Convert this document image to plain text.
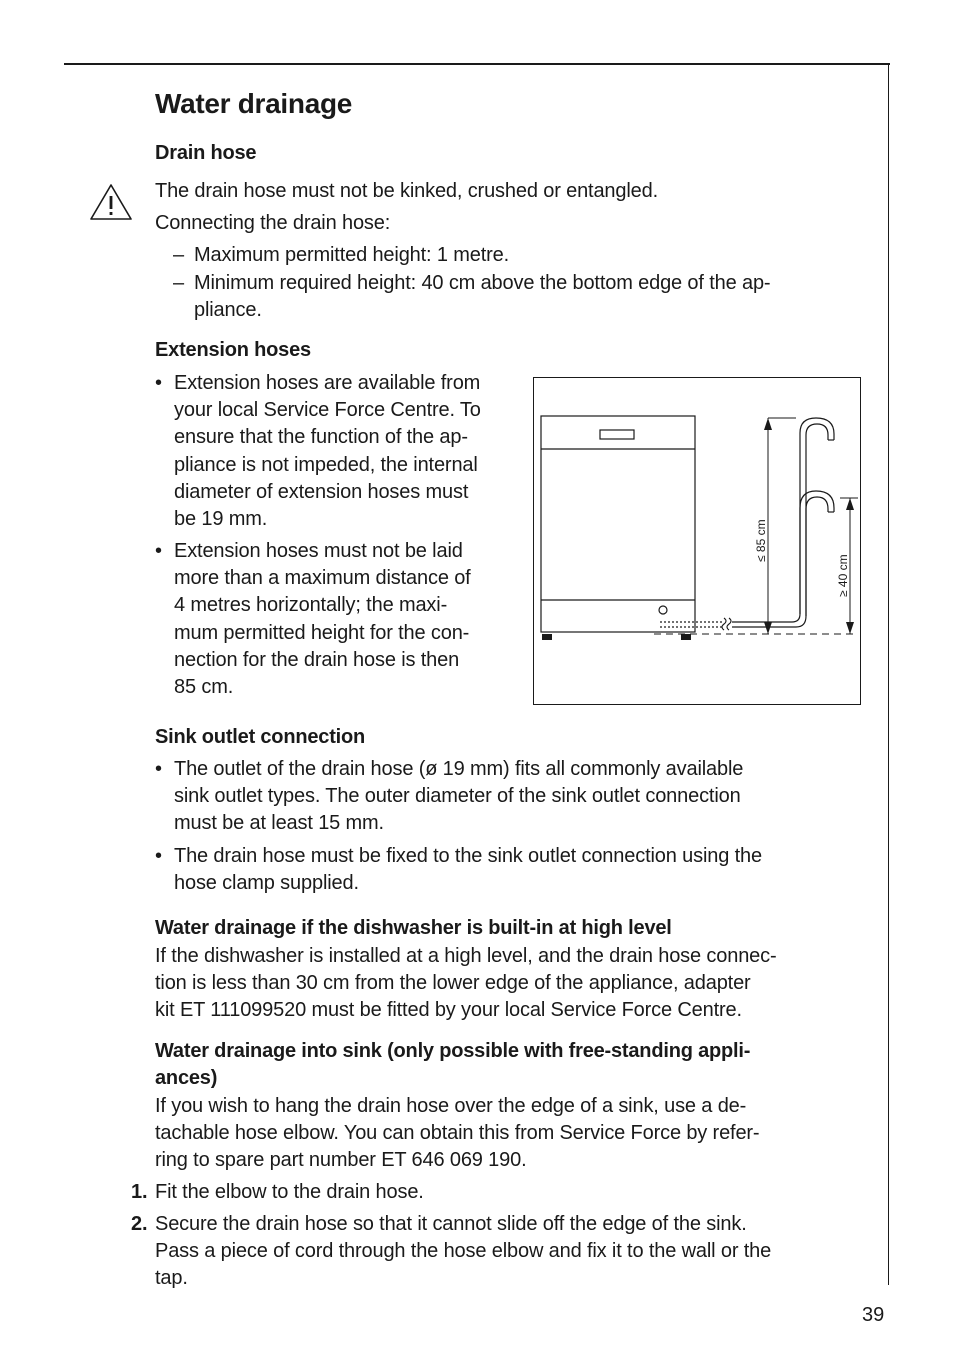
Water drainage
Drain hose
The drain hose must not be kinked, crushed or entangled.
Connecting the drain hose:
– Maximum permitted height: 1 metre.
– Minimum required height: 40 cm above the bottom edge of the ap-
pliance.
Extension hoses
• Extension hoses are available from
your local Service Force Centre. To
ensure that the function of the ap-
pliance is not impeded, the internal
diameter of extension hoses must
be 19 mm.
• Extension hoses must not be laid
more than a maximum distance of
4 metres horizontally; the maxi-
mum permitted height for the con-
nection for the drain hose is then
85 cm.
≤ 85 cm
≥ 40 cm
Sink outlet connection
• The outlet of the drain hose (ø 19 mm) fits all commonly available
sink outlet types. The outer diameter of the sink outlet connection
must be at least 15 mm.
• The drain hose must be fixed to the sink outlet connection using the
hose clamp supplied.
Water drainage if the dishwasher is built-in at high level
If the dishwasher is installed at a high level, and the drain hose connec-
tion is less than 30 cm from the lower edge of the appliance, adapter
kit ET 111099520 must be fitted by your local Service Force Centre.
Water drainage into sink (only possible with free-standing appli-
ances)
If you wish to hang the drain hose over the edge of a sink, use a de-
tachable hose elbow. You can obtain this from Service Force by refer-
ring to spare part number ET 646 069 190.
1. Fit the elbow to the drain hose.
2. Secure the drain hose so that it cannot slide off the edge of the sink.
Pass a piece of cord through the hose elbow and fix it to the wall or the
tap.
39
